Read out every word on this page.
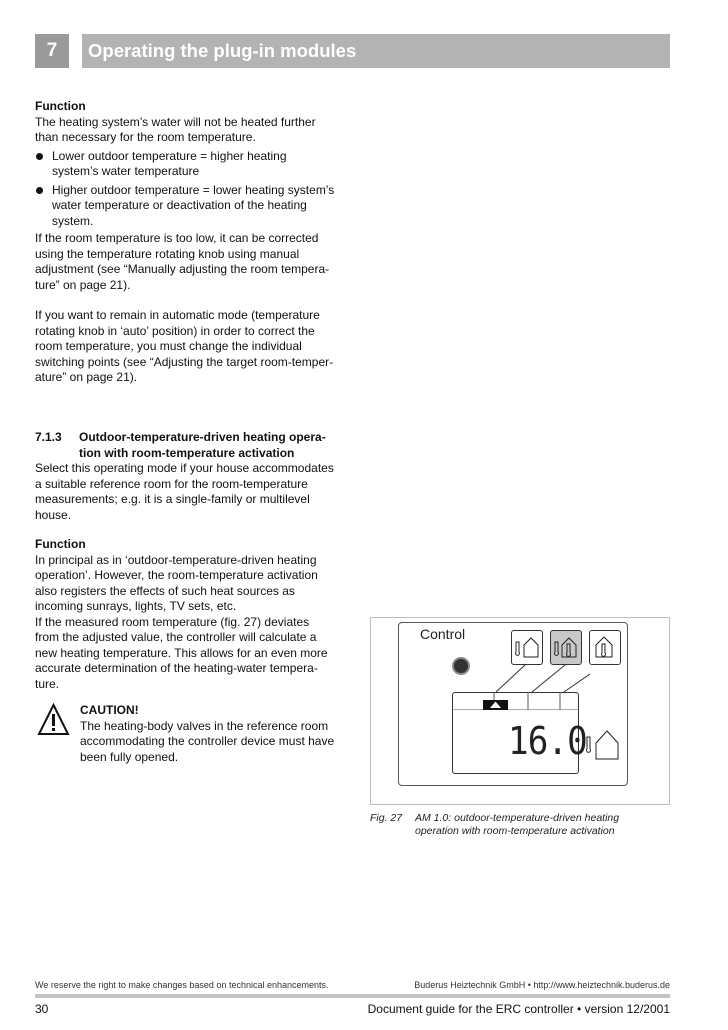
7	Operating the plug-in modules

Function

The heating system’s water will not be heated further than necessary for the room temperature.

Lower outdoor temperature = higher heating system’s water temperature
Higher outdoor temperature = lower heating system’s water temperature or deactivation of the heating system.

If the room temperature is too low, it can be corrected using the temperature rotating knob using manual adjustment (see “Manually adjusting the room tempera-ture” on page 21).

If you want to remain in automatic mode (temperature rotating knob in ‘auto’ position) in order to correct the room temperature, you must change the individual switching points (see “Adjusting the target room-temper-ature” on page 21).

7.1.3	Outdoor-temperature-driven heating opera-tion with room-temperature activation

Select this operating mode if your house accommodates a suitable reference room for the room-temperature measurements; e.g. it is a single-family or multilevel house.

Function

In principal as in ‘outdoor-temperature-driven heating operation’. However, the room-temperature activation also registers the effects of such heat sources as incoming sunrays, lights, TV sets, etc.

If the measured room temperature (fig. 27) deviates from the adjusted value, the controller will calculate a new heating temperature. This allows for an even more accurate determination of the heating-water tempera-ture.

CAUTION!

The heating-body valves in the reference room accommodating the controller device must have been fully opened.

Control
16.0
Fig. 27 AM 1.0: outdoor-temperature-driven heating operation with room-temperature activation
We reserve the right to make changes based on technical enhancements.	Buderus Heiztechnik GmbH • http://www.heiztechnik.buderus.de
30	Document guide for the ERC controller • version 12/2001
